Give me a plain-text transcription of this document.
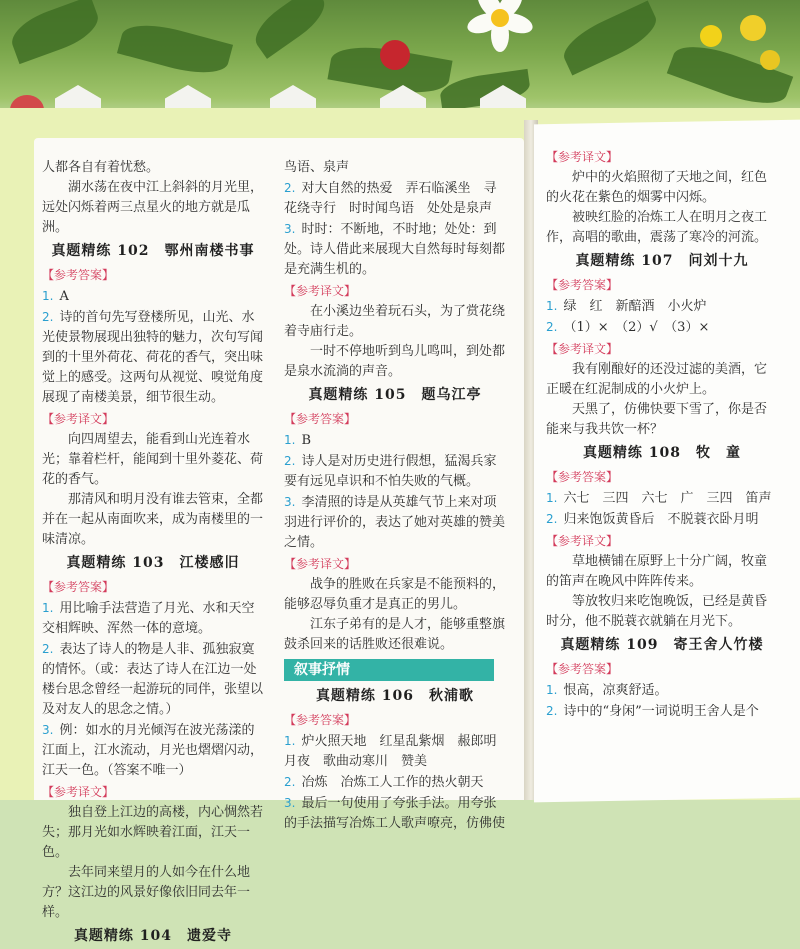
人都各自有着忧愁。

湖水荡在夜中江上斜斜的月光里，远处闪烁着两三点星火的地方就是瓜洲。

真题精练 102　鄂州南楼书事
【参考答案】

1. A

2. 诗的首句先写登楼所见，山光、水光使景物展现出独特的魅力，次句写闻到的十里外荷花、荷花的香气，突出味觉上的感受。这两句从视觉、嗅觉角度展现了南楼美景，细节很生动。

【参考译文】

向四周望去，能看到山光连着水光；靠着栏杆，能闻到十里外菱花、荷花的香气。

那清风和明月没有谁去管束，全都并在一起从南面吹来，成为南楼里的一味清凉。

真题精练 103　江楼感旧
【参考答案】

1. 用比喻手法营造了月光、水和天空交相辉映、浑然一体的意境。

2. 表达了诗人的物是人非、孤独寂寞的情怀。（或：表达了诗人在江边一处楼台思念曾经一起游玩的同伴，张望以及对友人的思念之情。）

3. 例：如水的月光倾泻在波光荡漾的江面上，江水流动，月光也熠熠闪动，江天一色。（答案不唯一）

【参考译文】

独自登上江边的高楼，内心惆然若失；那月光如水辉映着江面，江天一色。

去年同来望月的人如今在什么地方？这江边的风景好像依旧同去年一样。

真题精练 104　遗爱寺

鸟语、泉声

2. 对大自然的热爱　弄石临溪坐　寻花绕寺行　时时闻鸟语　处处是泉声

3. 时时：不断地，不时地；处处：到处。诗人借此来展现大自然每时每刻都是充满生机的。

【参考译文】

在小溪边坐着玩石头，为了赏花绕着寺庙行走。

一时不停地听到鸟儿鸣叫，到处都是泉水流淌的声音。

真题精练 105　题乌江亭
【参考答案】

1. B

2. 诗人是对历史进行假想，猛渴兵家要有远见卓识和不怕失败的气概。

3. 李清照的诗是从英雄气节上来对项羽进行评价的，表达了她对英雄的赞美之情。

【参考译文】

战争的胜败在兵家是不能预料的，能够忍辱负重才是真正的男儿。

江东子弟有的是人才，能够重整旗鼓杀回来的话胜败还很难说。

叙事抒情
真题精练 106　秋浦歌
【参考答案】

1. 炉火照天地　红星乱紫烟　赧郎明月夜　歌曲动寒川　赞美

2. 冶炼　冶炼工人工作的热火朝天

3. 最后一句使用了夸张手法。用夸张的手法描写冶炼工人歌声嘹亮，仿佛使

【参考译文】

炉中的火焰照彻了天地之间，红色的火花在紫色的烟雾中闪烁。

被映红脸的冶炼工人在明月之夜工作，高唱的歌曲，震荡了寒冷的河流。

真题精练 107　问刘十九
【参考答案】

1. 绿　红　新醅酒　小火炉

2. （1）×　（2）√　（3）×

【参考译文】

我有刚酿好的还没过滤的美酒，它正暖在红泥制成的小火炉上。

天黑了，仿佛快要下雪了，你是否能来与我共饮一杯？

真题精练 108　牧　童
【参考答案】

1. 六七　三四　六七　广　三四　笛声

2. 归来饱饭黄昏后　不脱蓑衣卧月明

【参考译文】

草地横铺在原野上十分广阔，牧童的笛声在晚风中阵阵传来。

等放牧归来吃饱晚饭，已经是黄昏时分，他不脱蓑衣就躺在月光下。

真题精练 109　寄王舍人竹楼
【参考答案】

1. 恨高，凉爽舒适。

2. 诗中的“身闲”一词说明王舍人是个
